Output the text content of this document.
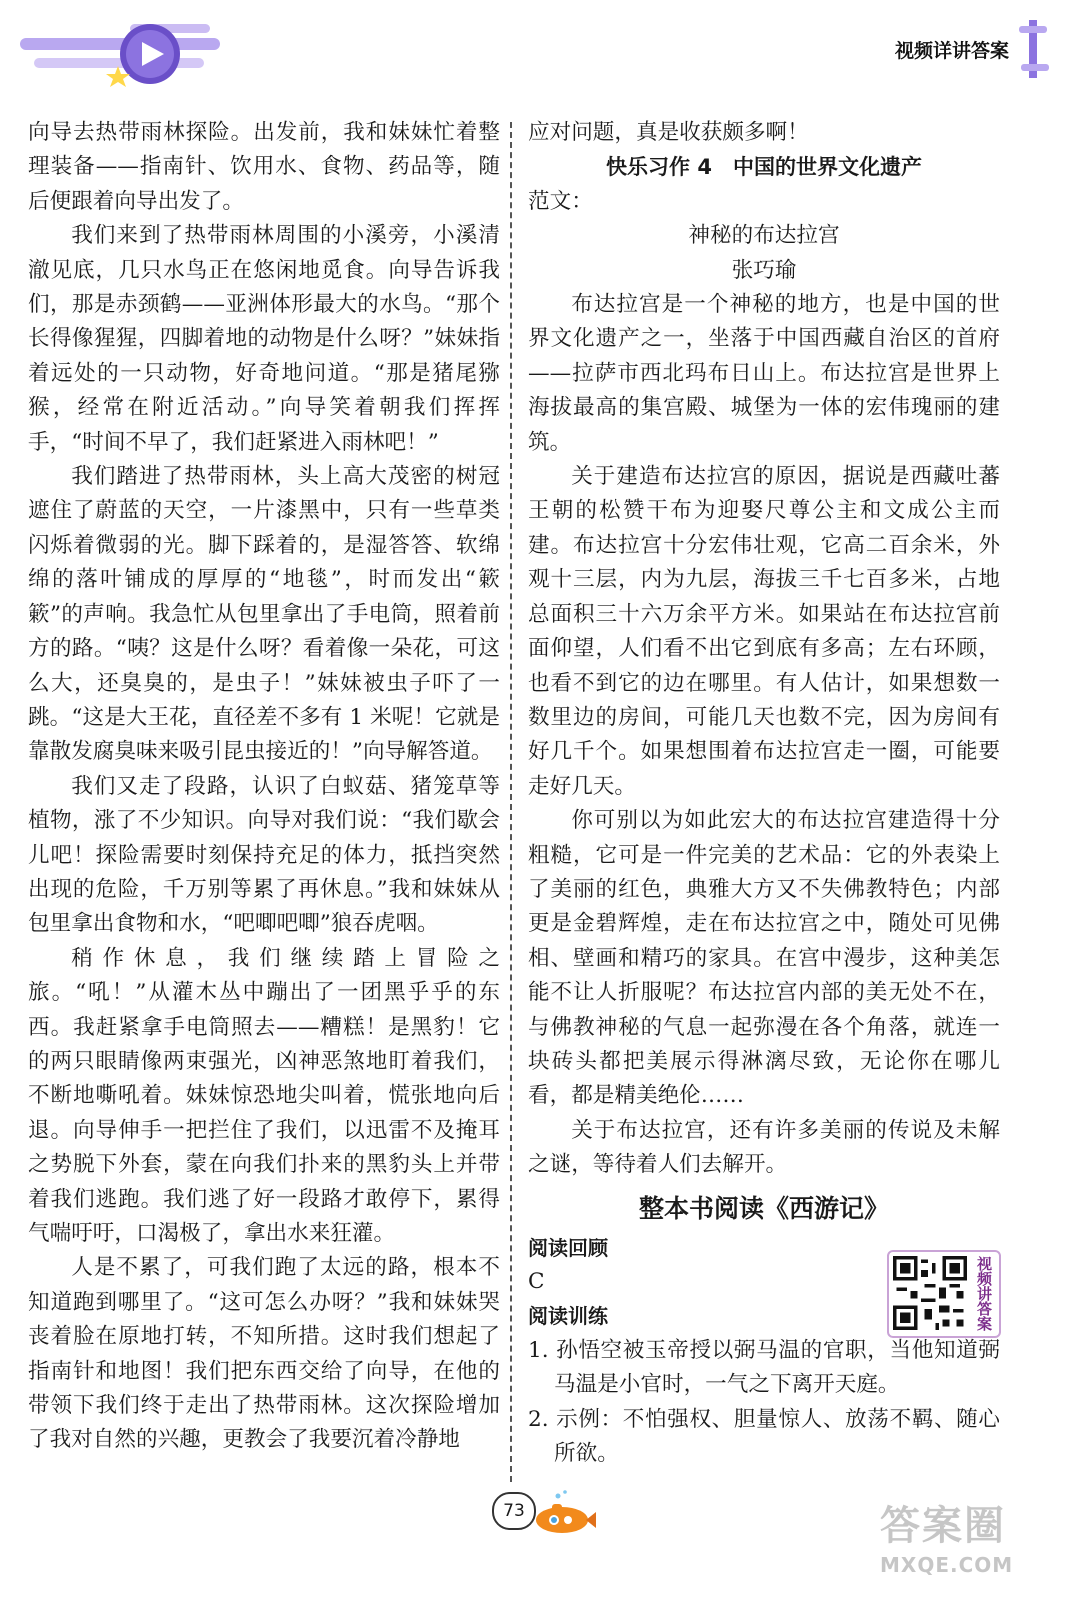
视频详讲答案

向导去热带雨林探险。出发前，我和妹妹忙着整理装备——指南针、饮用水、食物、药品等，随后便跟着向导出发了。

我们来到了热带雨林周围的小溪旁，小溪清澈见底，几只水鸟正在悠闲地觅食。向导告诉我们，那是赤颈鹤——亚洲体形最大的水鸟。“那个长得像猩猩，四脚着地的动物是什么呀？”妹妹指着远处的一只动物，好奇地问道。“那是猪尾猕猴，经常在附近活动。”向导笑着朝我们挥挥手，“时间不早了，我们赶紧进入雨林吧！”

我们踏进了热带雨林，头上高大茂密的树冠遮住了蔚蓝的天空，一片漆黑中，只有一些草类闪烁着微弱的光。脚下踩着的，是湿答答、软绵绵的落叶铺成的厚厚的“地毯”，时而发出“簌簌”的声响。我急忙从包里拿出了手电筒，照着前方的路。“咦？这是什么呀？看着像一朵花，可这么大，还臭臭的，是虫子！”妹妹被虫子吓了一跳。“这是大王花，直径差不多有 1 米呢！它就是靠散发腐臭味来吸引昆虫接近的！”向导解答道。

我们又走了段路，认识了白蚁菇、猪笼草等植物，涨了不少知识。向导对我们说：“我们歇会儿吧！探险需要时刻保持充足的体力，抵挡突然出现的危险，千万别等累了再休息。”我和妹妹从包里拿出食物和水，“吧唧吧唧”狼吞虎咽。

稍作休息，我们继续踏上冒险之旅。“吼！”从灌木丛中蹦出了一团黑乎乎的东西。我赶紧拿手电筒照去——糟糕！是黑豹！它的两只眼睛像两束强光，凶神恶煞地盯着我们，不断地嘶吼着。妹妹惊恐地尖叫着，慌张地向后退。向导伸手一把拦住了我们，以迅雷不及掩耳之势脱下外套，蒙在向我们扑来的黑豹头上并带着我们逃跑。我们逃了好一段路才敢停下，累得气喘吁吁，口渴极了，拿出水来狂灌。

人是不累了，可我们跑了太远的路，根本不知道跑到哪里了。“这可怎么办呀？”我和妹妹哭丧着脸在原地打转，不知所措。这时我们想起了指南针和地图！我们把东西交给了向导，在他的带领下我们终于走出了热带雨林。这次探险增加了我对自然的兴趣，更教会了我要沉着冷静地

应对问题，真是收获颇多啊！

快乐习作 4　中国的世界文化遗产

范文：

神秘的布达拉宫

张巧瑜

布达拉宫是一个神秘的地方，也是中国的世界文化遗产之一，坐落于中国西藏自治区的首府——拉萨市西北玛布日山上。布达拉宫是世界上海拔最高的集宫殿、城堡为一体的宏伟瑰丽的建筑。

关于建造布达拉宫的原因，据说是西藏吐蕃王朝的松赞干布为迎娶尺尊公主和文成公主而建。布达拉宫十分宏伟壮观，它高二百余米，外观十三层，内为九层，海拔三千七百多米，占地总面积三十六万余平方米。如果站在布达拉宫前面仰望，人们看不出它到底有多高；左右环顾，也看不到它的边在哪里。有人估计，如果想数一数里边的房间，可能几天也数不完，因为房间有好几千个。如果想围着布达拉宫走一圈，可能要走好几天。

你可别以为如此宏大的布达拉宫建造得十分粗糙，它可是一件完美的艺术品：它的外表染上了美丽的红色，典雅大方又不失佛教特色；内部更是金碧辉煌，走在布达拉宫之中，随处可见佛相、壁画和精巧的家具。在宫中漫步，这种美怎能不让人折服呢？布达拉宫内部的美无处不在，与佛教神秘的气息一起弥漫在各个角落，就连一块砖头都把美展示得淋漓尽致，无论你在哪儿看，都是精美绝伦……

关于布达拉宫，还有许多美丽的传说及未解之谜，等待着人们去解开。

整本书阅读《西游记》

阅读回顾

C

阅读训练

1. 孙悟空被玉帝授以弼马温的官职，当他知道弼马温是小官时，一气之下离开天庭。

2. 示例：不怕强权、胆量惊人、放荡不羁、随心所欲。

视频讲答案
73	答案圈
MXQE.COM
